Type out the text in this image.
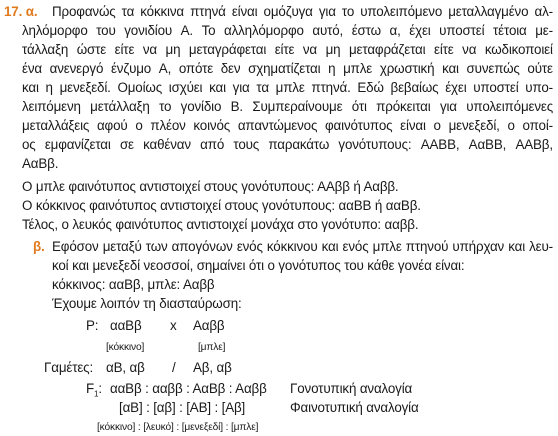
17. α.	Προφανώς τα κόκκινα πτηνά είναι ομόζυγα για το υπολειπόμενο μεταλλαγμένο αλ-
ληλόμορφο του γονιδίου Α. Το αλληλόμορφο αυτό, έστω α, έχει υποστεί τέτοια με-
τάλλαξη ώστε είτε να μη μεταγράφεται είτε να μη μεταφράζεται είτε να κωδικοποιεί
ένα ανενεργό ένζυμο Α, οπότε δεν σχηματίζεται η μπλε χρωστική και συνεπώς ούτε
και η μενεξεδί. Ομοίως ισχύει και για τα μπλε πτηνά. Εδώ βεβαίως έχει υποστεί υπο-
λειπόμενη μετάλλαξη το γονίδιο Β. Συμπεραίνουμε ότι πρόκειται για υπολειπόμενες
μεταλλάξεις αφού ο πλέον κοινός απαντώμενος φαινότυπος είναι ο μενεξεδί, ο οποί-
ος εμφανίζεται σε καθέναν από τους παρακάτω γονότυπους: ΑΑΒΒ, ΑαΒΒ, ΑΑΒβ,
ΑαΒβ.
Ο μπλε φαινότυπος αντιστοιχεί στους γονότυπους: ΑΑββ ή Ααββ.
Ο κόκκινος φαινότυπος αντιστοιχεί στους γονότυπους: ααΒΒ ή ααΒβ.
Τέλος, ο λευκός φαινότυπος αντιστοιχεί μονάχα στο γονότυπο: ααββ.
β. Εφόσον μεταξύ των απογόνων ενός κόκκινου και ενός μπλε πτηνού υπήρχαν και λευ-
κοί και μενεξεδί νεοσσοί, σημαίνει ότι ο γονότυπος του κάθε γονέα είναι:
κόκκινος: ααΒβ, μπλε: Ααββ
Έχουμε λοιπόν τη διασταύρωση:
P: ααΒβ x Ααββ
[κόκκινο]	[μπλε]
Γαμέτες: αΒ, αβ / Αβ, αβ
$F_1$: ααΒβ : ααββ : ΑαΒβ : Ααββ Γονοτυπική αναλογία
[αΒ] : [αβ] : [ΑΒ] : [Αβ]	Φαινοτυπική αναλογία
[κόκκινο] : [λευκό] : [μενεξεδί] : [μπλε]
